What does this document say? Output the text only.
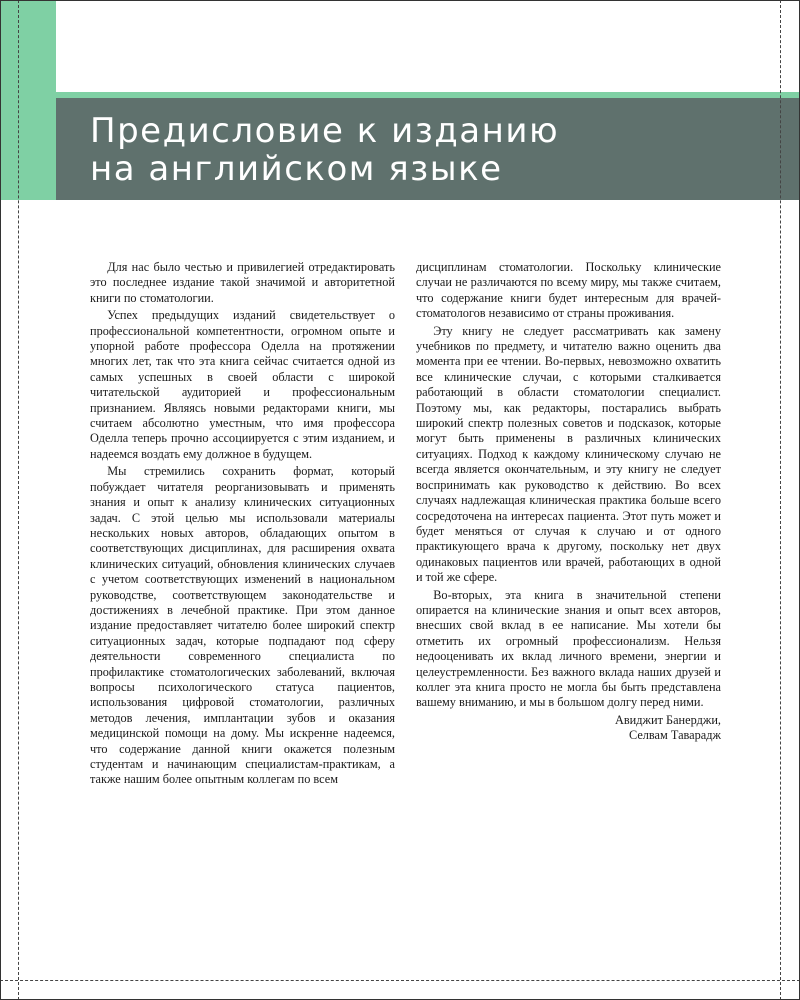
Предисловие к изданию
на английском языке

Для нас было честью и привилегией отредактировать это последнее издание такой значимой и авторитетной книги по стоматологии.

Успех предыдущих изданий свидетельствует о профессиональной компетентности, огромном опыте и упорной работе профессора Оделла на протяжении многих лет, так что эта книга сейчас считается одной из самых успешных в своей области с широкой читательской аудиторией и профессиональным признанием. Являясь новыми редакторами книги, мы считаем абсолютно уместным, что имя профессора Оделла теперь прочно ассоциируется с этим изданием, и надеемся воздать ему должное в будущем.

Мы стремились сохранить формат, который побуждает читателя реорганизовывать и применять знания и опыт к анализу клинических ситуационных задач. С этой целью мы использовали материалы нескольких новых авторов, обладающих опытом в соответствующих дисциплинах, для расширения охвата клинических ситуаций, обновления клинических случаев с учетом соответствующих изменений в национальном руководстве, соответствующем законодательстве и достижениях в лечебной практике. При этом данное издание предоставляет читателю более широкий спектр ситуационных задач, которые подпадают под сферу деятельности современного специалиста по профилактике стоматологических заболеваний, включая вопросы психологического статуса пациентов, использования цифровой стоматологии, различных методов лечения, имплантации зубов и оказания медицинской помощи на дому. Мы искренне надеемся, что содержание данной книги окажется полезным студентам и начинающим специалистам-практикам, а также нашим более опытным коллегам по всем

дисциплинам стоматологии. Поскольку клинические случаи не различаются по всему миру, мы также считаем, что содержание книги будет интересным для врачей-стоматологов независимо от страны проживания.

Эту книгу не следует рассматривать как замену учебников по предмету, и читателю важно оценить два момента при ее чтении. Во-первых, невозможно охватить все клинические случаи, с которыми сталкивается работающий в области стоматологии специалист. Поэтому мы, как редакторы, постарались выбрать широкий спектр полезных советов и подсказок, которые могут быть применены в различных клинических ситуациях. Подход к каждому клиническому случаю не всегда является окончательным, и эту книгу не следует воспринимать как руководство к действию. Во всех случаях надлежащая клиническая практика больше всего сосредоточена на интересах пациента. Этот путь может и будет меняться от случая к случаю и от одного практикующего врача к другому, поскольку нет двух одинаковых пациентов или врачей, работающих в одной и той же сфере.

Во-вторых, эта книга в значительной степени опирается на клинические знания и опыт всех авторов, внесших свой вклад в ее написание. Мы хотели бы отметить их огромный профессионализм. Нельзя недооценивать их вклад личного времени, энергии и целеустремленности. Без важного вклада наших друзей и коллег эта книга просто не могла бы быть представлена вашему вниманию, и мы в большом долгу перед ними.

Авиджит Банерджи,
Селвам Таварадж
